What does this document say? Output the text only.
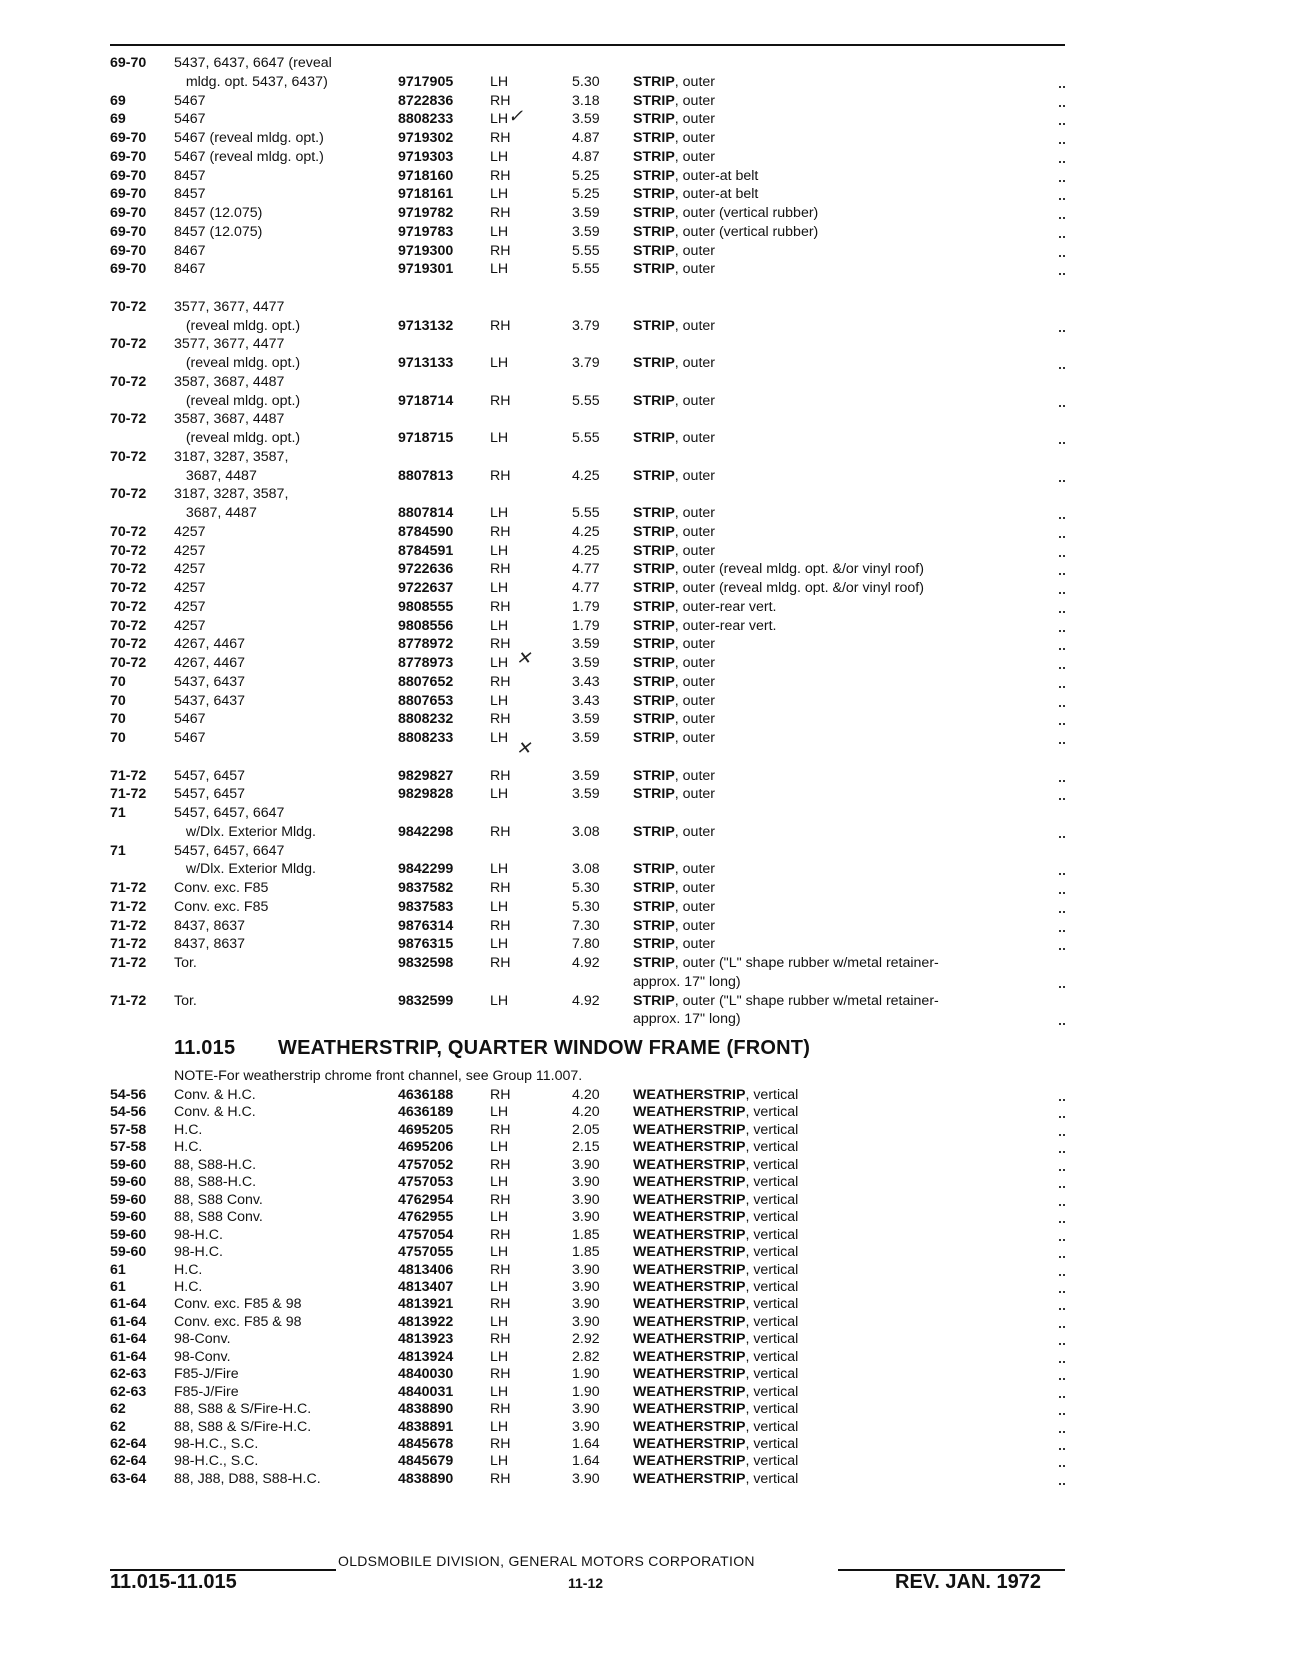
69-70	5437, 6437, 6647 (reveal
mldg. opt. 5437, 6437)	9717905	LH	5.30	STRIP, outer
69	5467	8722836	RH	3.18	STRIP, outer
69	5467	8808233	LH	3.59	STRIP, outer
69-70	5467 (reveal mldg. opt.)	9719302	RH	4.87	STRIP, outer
69-70	5467 (reveal mldg. opt.)	9719303	LH	4.87	STRIP, outer
69-70	8457	9718160	RH	5.25	STRIP, outer-at belt
69-70	8457	9718161	LH	5.25	STRIP, outer-at belt
69-70	8457 (12.075)	9719782	RH	3.59	STRIP, outer (vertical rubber)
69-70	8457 (12.075)	9719783	LH	3.59	STRIP, outer (vertical rubber)
69-70	8467	9719300	RH	5.55	STRIP, outer
69-70	8467	9719301	LH	5.55	STRIP, outer
70-72	3577, 3677, 4477
(reveal mldg. opt.)	9713132	RH	3.79	STRIP, outer
70-72	3577, 3677, 4477
(reveal mldg. opt.)	9713133	LH	3.79	STRIP, outer
70-72	3587, 3687, 4487
(reveal mldg. opt.)	9718714	RH	5.55	STRIP, outer
70-72	3587, 3687, 4487
(reveal mldg. opt.)	9718715	LH	5.55	STRIP, outer
70-72	3187, 3287, 3587,
3687, 4487	8807813	RH	4.25	STRIP, outer
70-72	3187, 3287, 3587,
3687, 4487	8807814	LH	5.55	STRIP, outer
70-72	4257	8784590	RH	4.25	STRIP, outer
70-72	4257	8784591	LH	4.25	STRIP, outer
70-72	4257	9722636	RH	4.77	STRIP, outer (reveal mldg. opt. &/or vinyl roof)
70-72	4257	9722637	LH	4.77	STRIP, outer (reveal mldg. opt. &/or vinyl roof)
70-72	4257	9808555	RH	1.79	STRIP, outer-rear vert.
70-72	4257	9808556	LH	1.79	STRIP, outer-rear vert.
70-72	4267, 4467	8778972	RH	3.59	STRIP, outer
70-72	4267, 4467	8778973	LH	3.59	STRIP, outer
70	5437, 6437	8807652	RH	3.43	STRIP, outer
70	5437, 6437	8807653	LH	3.43	STRIP, outer
70	5467	8808232	RH	3.59	STRIP, outer
70	5467	8808233	LH	3.59	STRIP, outer
71-72	5457, 6457	9829827	RH	3.59	STRIP, outer
71-72	5457, 6457	9829828	LH	3.59	STRIP, outer
71	5457, 6457, 6647
w/Dlx. Exterior Mldg.	9842298	RH	3.08	STRIP, outer
71	5457, 6457, 6647
w/Dlx. Exterior Mldg.	9842299	LH	3.08	STRIP, outer
71-72	Conv. exc. F85	9837582	RH	5.30	STRIP, outer
71-72	Conv. exc. F85	9837583	LH	5.30	STRIP, outer
71-72	8437, 8637	9876314	RH	7.30	STRIP, outer
71-72	8437, 8637	9876315	LH	7.80	STRIP, outer
71-72	Tor.	9832598	RH	4.92	STRIP, outer ("L" shape rubber w/metal retainer-
approx. 17" long)
71-72	Tor.	9832599	LH	4.92	STRIP, outer ("L" shape rubber w/metal retainer-
approx. 17" long)
11.015 WEATHERSTRIP, QUARTER WINDOW FRAME (FRONT)
NOTE-For weatherstrip chrome front channel, see Group 11.007.
54-56	Conv. & H.C.	4636188	RH	4.20	WEATHERSTRIP, vertical
54-56	Conv. & H.C.	4636189	LH	4.20	WEATHERSTRIP, vertical
57-58	H.C.	4695205	RH	2.05	WEATHERSTRIP, vertical
57-58	H.C.	4695206	LH	2.15	WEATHERSTRIP, vertical
59-60	88, S88-H.C.	4757052	RH	3.90	WEATHERSTRIP, vertical
59-60	88, S88-H.C.	4757053	LH	3.90	WEATHERSTRIP, vertical
59-60	88, S88 Conv.	4762954	RH	3.90	WEATHERSTRIP, vertical
59-60	88, S88 Conv.	4762955	LH	3.90	WEATHERSTRIP, vertical
59-60	98-H.C.	4757054	RH	1.85	WEATHERSTRIP, vertical
59-60	98-H.C.	4757055	LH	1.85	WEATHERSTRIP, vertical
61	H.C.	4813406	RH	3.90	WEATHERSTRIP, vertical
61	H.C.	4813407	LH	3.90	WEATHERSTRIP, vertical
61-64	Conv. exc. F85 & 98	4813921	RH	3.90	WEATHERSTRIP, vertical
61-64	Conv. exc. F85 & 98	4813922	LH	3.90	WEATHERSTRIP, vertical
61-64	98-Conv.	4813923	RH	2.92	WEATHERSTRIP, vertical
61-64	98-Conv.	4813924	LH	2.82	WEATHERSTRIP, vertical
62-63	F85-J/Fire	4840030	RH	1.90	WEATHERSTRIP, vertical
62-63	F85-J/Fire	4840031	LH	1.90	WEATHERSTRIP, vertical
62	88, S88 & S/Fire-H.C.	4838890	RH	3.90	WEATHERSTRIP, vertical
62	88, S88 & S/Fire-H.C.	4838891	LH	3.90	WEATHERSTRIP, vertical
62-64	98-H.C., S.C.	4845678	RH	1.64	WEATHERSTRIP, vertical
62-64	98-H.C., S.C.	4845679	LH	1.64	WEATHERSTRIP, vertical
63-64	88, J88, D88, S88-H.C.	4838890	RH	3.90	WEATHERSTRIP, vertical
✓
✕
✕
OLDSMOBILE DIVISION, GENERAL MOTORS CORPORATION
11.015-11.015	11-12	REV. JAN. 1972
